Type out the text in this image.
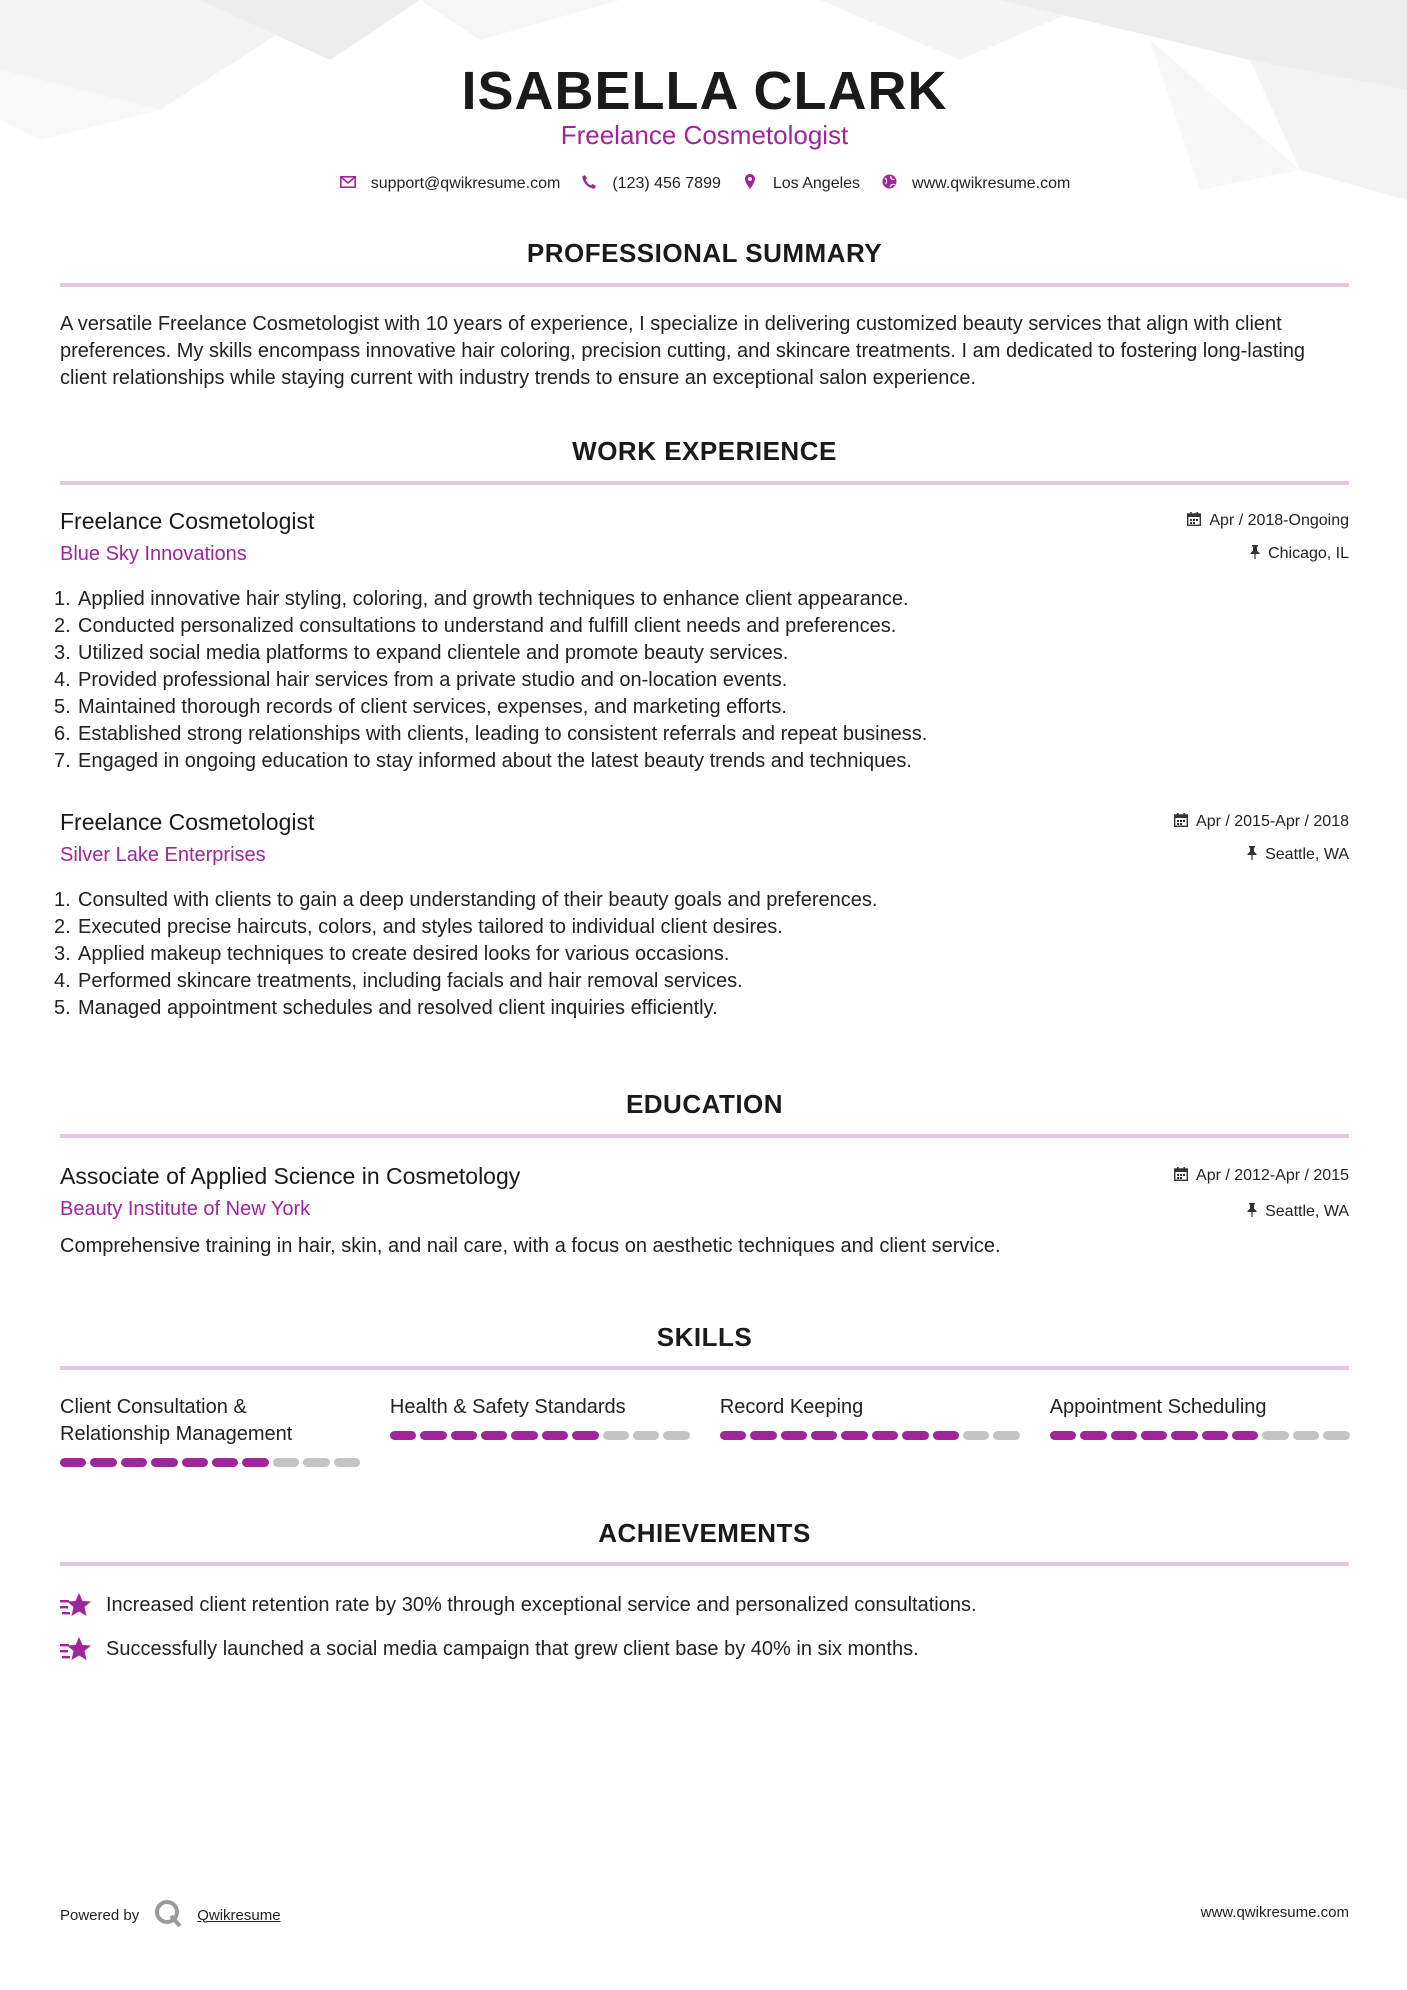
ISABELLA CLARK
Freelance Cosmetologist
support@qwikresume.com	(123) 456 7899	Los Angeles	www.qwikresume.com
PROFESSIONAL SUMMARY
A versatile Freelance Cosmetologist with 10 years of experience, I specialize in delivering customized beauty services that align with client preferences. My skills encompass innovative hair coloring, precision cutting, and skincare treatments. I am dedicated to fostering long-lasting client relationships while staying current with industry trends to ensure an exceptional salon experience.
WORK EXPERIENCE
Freelance Cosmetologist
Blue Sky Innovations
Apr / 2018-Ongoing
Chicago, IL
1. Applied innovative hair styling, coloring, and growth techniques to enhance client appearance.
2. Conducted personalized consultations to understand and fulfill client needs and preferences.
3. Utilized social media platforms to expand clientele and promote beauty services.
4. Provided professional hair services from a private studio and on-location events.
5. Maintained thorough records of client services, expenses, and marketing efforts.
6. Established strong relationships with clients, leading to consistent referrals and repeat business.
7. Engaged in ongoing education to stay informed about the latest beauty trends and techniques.
Freelance Cosmetologist
Silver Lake Enterprises
Apr / 2015-Apr / 2018
Seattle, WA
1. Consulted with clients to gain a deep understanding of their beauty goals and preferences.
2. Executed precise haircuts, colors, and styles tailored to individual client desires.
3. Applied makeup techniques to create desired looks for various occasions.
4. Performed skincare treatments, including facials and hair removal services.
5. Managed appointment schedules and resolved client inquiries efficiently.
EDUCATION
Associate of Applied Science in Cosmetology
Beauty Institute of New York
Apr / 2012-Apr / 2015
Seattle, WA
Comprehensive training in hair, skin, and nail care, with a focus on aesthetic techniques and client service.
SKILLS
Client Consultation & Relationship Management
Health & Safety Standards	Record Keeping	Appointment Scheduling
ACHIEVEMENTS
Increased client retention rate by 30% through exceptional service and personalized consultations.
Successfully launched a social media campaign that grew client base by 40% in six months.
Powered by	Qwikresume	www.qwikresume.com
